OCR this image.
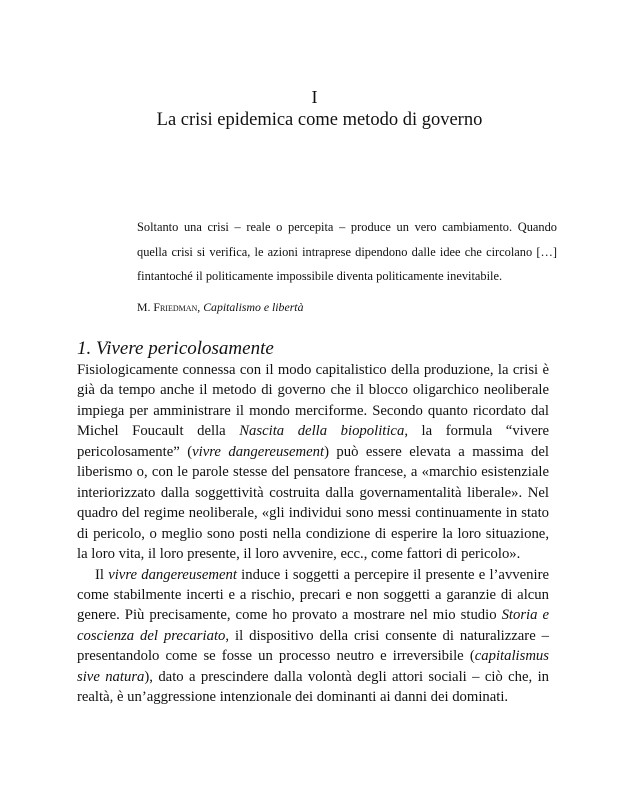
I
La crisi epidemica come metodo di governo

Soltanto una crisi – reale o percepita – produce un vero cambiamento. Quando quella crisi si verifica, le azioni intraprese dipendono dalle idee che circolano […] fintantoché il politicamente impossibile diventa politicamente inevitabile.

M. Friedman, Capitalismo e libertà

1. Vivere pericolosamente

Fisiologicamente connessa con il modo capitalistico della produzione, la crisi è già da tempo anche il metodo di governo che il blocco oligarchico neoliberale impiega per amministrare il mondo merciforme. Secondo quanto ricordato dal Michel Foucault della Nascita della biopolitica, la formula “vivere pericolosamente” (vivre dangereusement) può essere elevata a massima del liberismo o, con le parole stesse del pensatore francese, a «marchio esistenziale interiorizzato dalla soggettività costruita dalla governamentalità liberale». Nel quadro del regime neoliberale, «gli individui sono messi continuamente in stato di pericolo, o meglio sono posti nella condizione di esperire la loro situazione, la loro vita, il loro presente, il loro avvenire, ecc., come fattori di pericolo».

Il vivre dangereusement induce i soggetti a percepire il presente e l’avvenire come stabilmente incerti e a rischio, precari e non soggetti a garanzie di alcun genere. Più precisamente, come ho provato a mostrare nel mio studio Storia e coscienza del precariato, il dispositivo della crisi consente di naturalizzare – presentandolo come se fosse un processo neutro e irreversibile (capitalismus sive natura), dato a prescindere dalla volontà degli attori sociali – ciò che, in realtà, è un’aggressione intenzionale dei dominanti ai danni dei dominati.
